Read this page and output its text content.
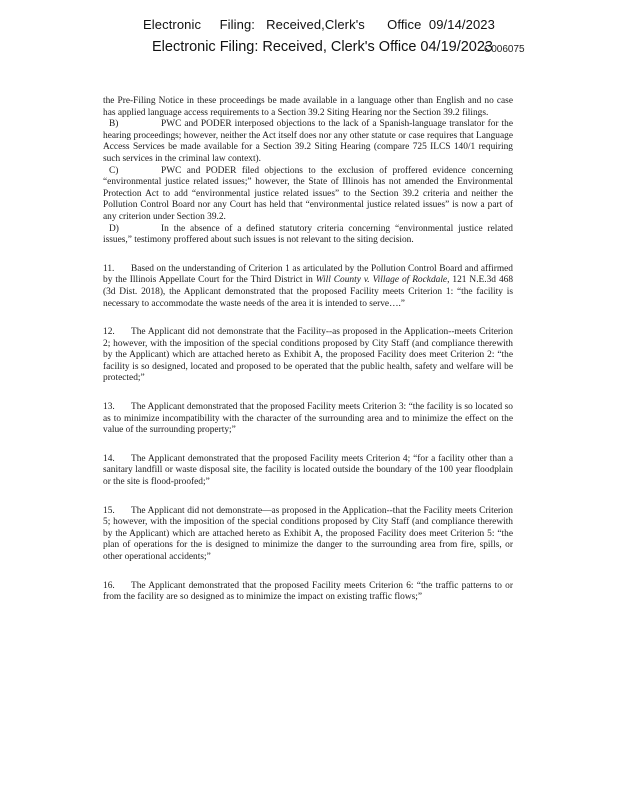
Electronic     Filing:   Received,Clerk's      Office  09/14/2023
Electronic Filing: Received, Clerk's Office 04/19/2023
C006075

the Pre-Filing Notice in these proceedings be made available in a language other than English and no case has applied language access requirements to a Section 39.2 Siting Hearing nor the Section 39.2 filings.

B)	PWC and PODER interposed objections to the lack of a Spanish-language translator for the hearing proceedings; however, neither the Act itself does nor any other statute or case requires that Language Access Services be made available for a Section 39.2 Siting Hearing (compare 725 ILCS 140/1 requiring such services in the criminal law context).

C)	PWC and PODER filed objections to the exclusion of proffered evidence concerning “environmental justice related issues;” however, the State of Illinois has not amended the Environmental Protection Act to add “environmental justice related issues” to the Section 39.2 criteria and neither the Pollution Control Board nor any Court has held that “environmental justice related issues” is now a part of any criterion under Section 39.2.

D)	In the absence of a defined statutory criteria concerning “environmental justice related issues,” testimony proffered about such issues is not relevant to the siting decision.

11. Based on the understanding of Criterion 1 as articulated by the Pollution Control Board and affirmed by the Illinois Appellate Court for the Third District in Will County v. Village of Rockdale, 121 N.E.3d 468 (3d Dist. 2018), the Applicant demonstrated that the proposed Facility meets Criterion 1: “the facility is necessary to accommodate the waste needs of the area it is intended to serve….”

12. The Applicant did not demonstrate that the Facility--as proposed in the Application--meets Criterion 2; however, with the imposition of the special conditions proposed by City Staff (and compliance therewith by the Applicant) which are attached hereto as Exhibit A, the proposed Facility does meet Criterion 2: “the facility is so designed, located and proposed to be operated that the public health, safety and welfare will be protected;”

13. The Applicant demonstrated that the proposed Facility meets Criterion 3: “the facility is so located so as to minimize incompatibility with the character of the surrounding area and to minimize the effect on the value of the surrounding property;”

14. The Applicant demonstrated that the proposed Facility meets Criterion 4; “for a facility other than a sanitary landfill or waste disposal site, the facility is located outside the boundary of the 100 year floodplain or the site is flood-proofed;”

15. The Applicant did not demonstrate—as proposed in the Application--that the Facility meets Criterion 5; however, with the imposition of the special conditions proposed by City Staff (and compliance therewith by the Applicant) which are attached hereto as Exhibit A, the proposed Facility does meet Criterion 5: “the plan of operations for the is designed to minimize the danger to the surrounding area from fire, spills, or other operational accidents;”

16. The Applicant demonstrated that the proposed Facility meets Criterion 6: “the traffic patterns to or from the facility are so designed as to minimize the impact on existing traffic flows;”
